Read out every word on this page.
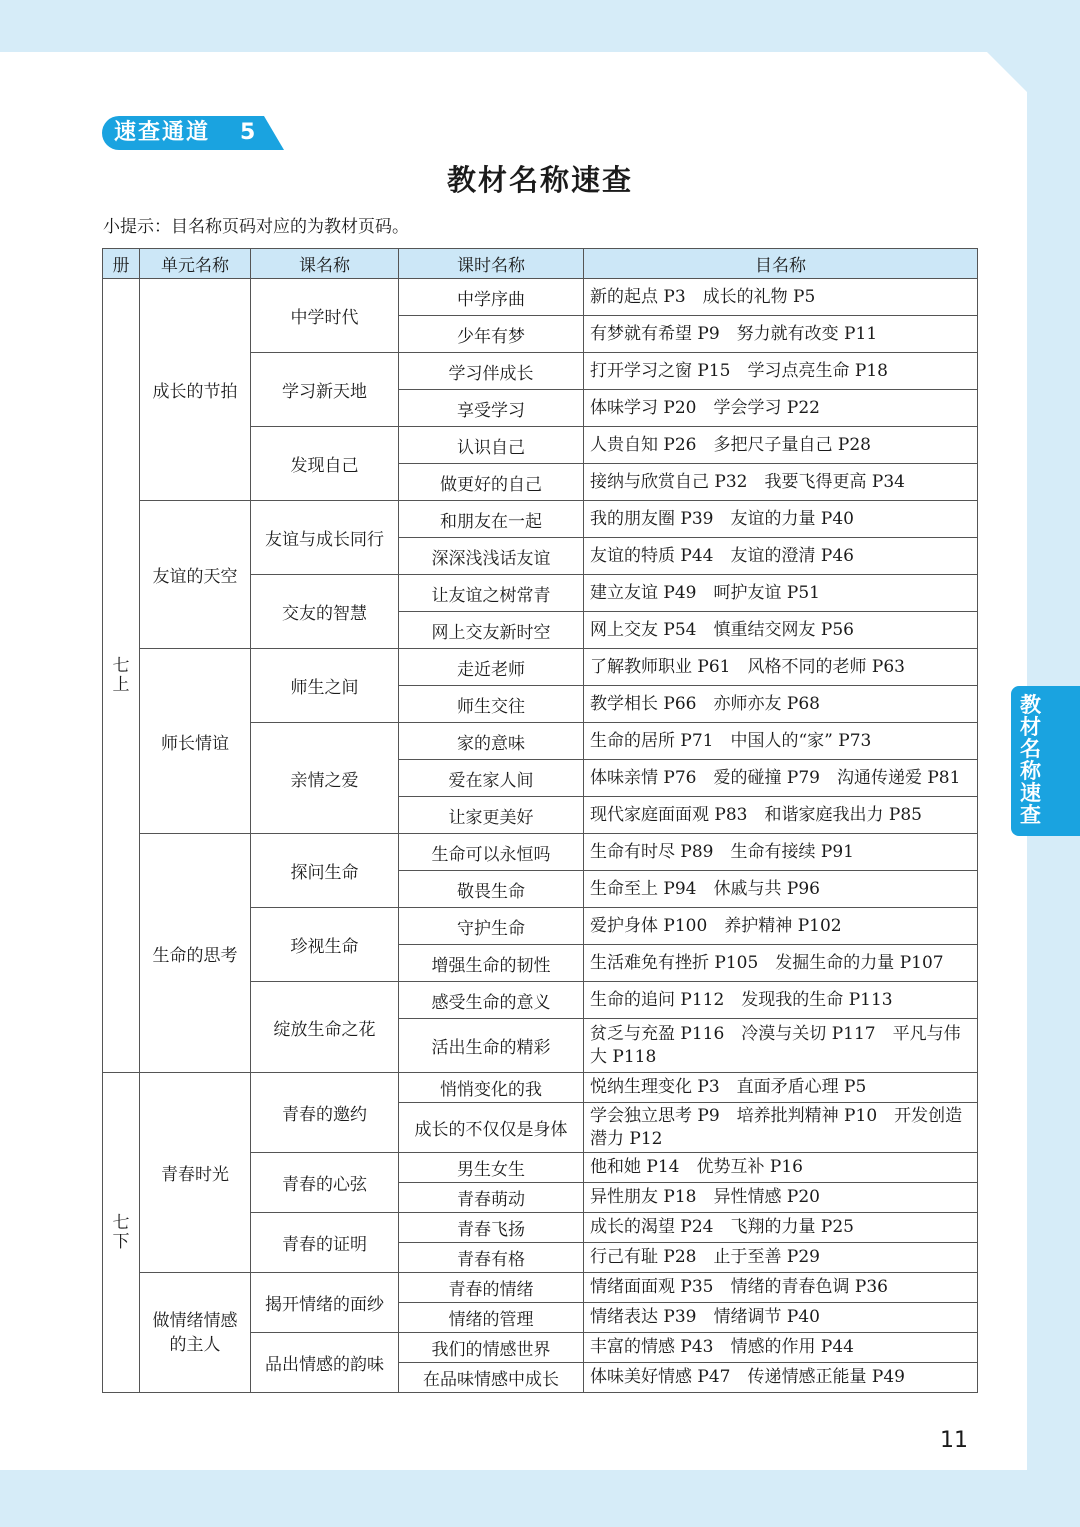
速查通道 5
教材名称速查
小提示：目名称页码对应的为教材页码。
册	单元名称	课名称	课时名称	目名称
七上	成长的节拍	中学时代	中学序曲	新的起点 P3　成长的礼物 P5
			少年有梦	有梦就有希望 P9　努力就有改变 P11
		学习新天地	学习伴成长	打开学习之窗 P15　学习点亮生命 P18
			享受学习	体味学习 P20　学会学习 P22
		发现自己	认识自己	人贵自知 P26　多把尺子量自己 P28
			做更好的自己	接纳与欣赏自己 P32　我要飞得更高 P34
	友谊的天空	友谊与成长同行	和朋友在一起	我的朋友圈 P39　友谊的力量 P40
			深深浅浅话友谊	友谊的特质 P44　友谊的澄清 P46
		交友的智慧	让友谊之树常青	建立友谊 P49　呵护友谊 P51
			网上交友新时空	网上交友 P54　慎重结交网友 P56
	师长情谊	师生之间	走近老师	了解教师职业 P61　风格不同的老师 P63
			师生交往	教学相长 P66　亦师亦友 P68
		亲情之爱	家的意味	生命的居所 P71　中国人的“家” P73
			爱在家人间	体味亲情 P76　爱的碰撞 P79　沟通传递爱 P81
			让家更美好	现代家庭面面观 P83　和谐家庭我出力 P85
	生命的思考	探问生命	生命可以永恒吗	生命有时尽 P89　生命有接续 P91
			敬畏生命	生命至上 P94　休戚与共 P96
		珍视生命	守护生命	爱护身体 P100　养护精神 P102
			增强生命的韧性	生活难免有挫折 P105　发掘生命的力量 P107
		绽放生命之花	感受生命的意义	生命的追问 P112　发现我的生命 P113
			活出生命的精彩	贫乏与充盈 P116　冷漠与关切 P117　平凡与伟大 P118
七下	青春时光	青春的邀约	悄悄变化的我	悦纳生理变化 P3　直面矛盾心理 P5
			成长的不仅仅是身体	学会独立思考 P9　培养批判精神 P10　开发创造潜力 P12
		青春的心弦	男生女生	他和她 P14　优势互补 P16
			青春萌动	异性朋友 P18　异性情感 P20
		青春的证明	青春飞扬	成长的渴望 P24　飞翔的力量 P25
			青春有格	行己有耻 P28　止于至善 P29
	做情绪情感的主人	揭开情绪的面纱	青春的情绪	情绪面面观 P35　情绪的青春色调 P36
			情绪的管理	情绪表达 P39　情绪调节 P40
		品出情感的韵味	我们的情感世界	丰富的情感 P43　情感的作用 P44
			在品味情感中成长	体味美好情感 P47　传递情感正能量 P49
教材名称速查
11
